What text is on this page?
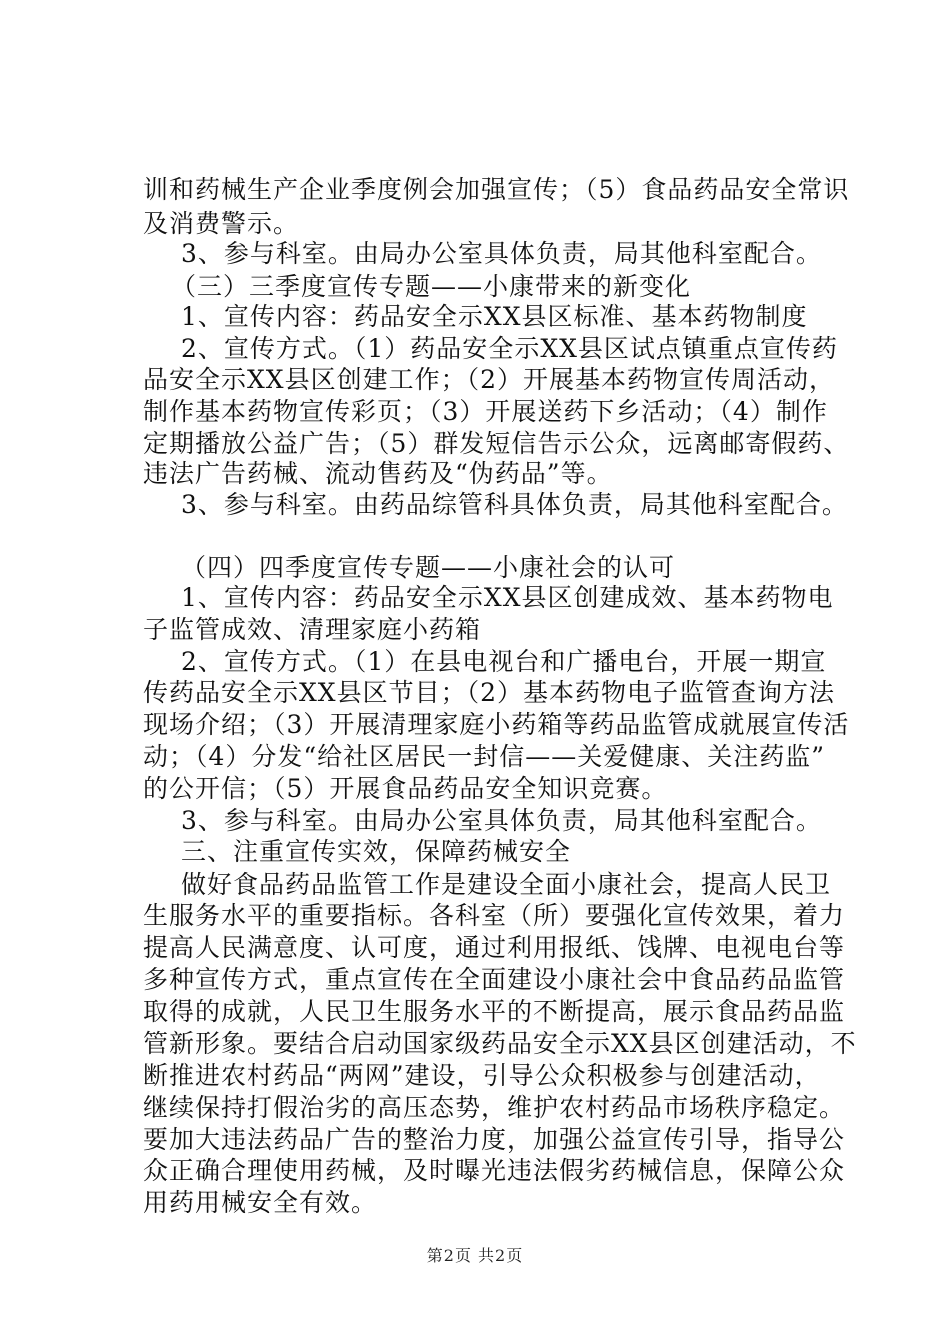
训和药械生产企业季度例会加强宣传；（5）食品药品安全常识
及消费警示。
3、参与科室。由局办公室具体负责，局其他科室配合。
（三）三季度宣传专题——小康带来的新变化
1、宣传内容：药品安全示XX县区标准、基本药物制度
2、宣传方式。（1）药品安全示XX县区试点镇重点宣传药
品安全示XX县区创建工作；（2）开展基本药物宣传周活动，
制作基本药物宣传彩页；（3）开展送药下乡活动；（4）制作
定期播放公益广告；（5）群发短信告示公众，远离邮寄假药、
违法广告药械、流动售药及“伪药品”等。
3、参与科室。由药品综管科具体负责，局其他科室配合。
（四）四季度宣传专题——小康社会的认可
1、宣传内容：药品安全示XX县区创建成效、基本药物电
子监管成效、清理家庭小药箱
2、宣传方式。（1）在县电视台和广播电台，开展一期宣
传药品安全示XX县区节目；（2）基本药物电子监管查询方法
现场介绍；（3）开展清理家庭小药箱等药品监管成就展宣传活
动；（4）分发“给社区居民一封信——关爱健康、关注药监”
的公开信；（5）开展食品药品安全知识竞赛。
3、参与科室。由局办公室具体负责，局其他科室配合。
三、注重宣传实效，保障药械安全
做好食品药品监管工作是建设全面小康社会，提高人民卫
生服务水平的重要指标。各科室（所）要强化宣传效果，着力
提高人民满意度、认可度，通过利用报纸、饯牌、电视电台等
多种宣传方式，重点宣传在全面建设小康社会中食品药品监管
取得的成就，人民卫生服务水平的不断提高，展示食品药品监
管新形象。要结合启动国家级药品安全示XX县区创建活动，不
断推进农村药品“两网”建设，引导公众积极参与创建活动，
继续保持打假治劣的高压态势，维护农村药品市场秩序稳定。
要加大违法药品广告的整治力度，加强公益宣传引导，指导公
众正确合理使用药械，及时曝光违法假劣药械信息，保障公众
用药用械安全有效。
第2页 共2页
